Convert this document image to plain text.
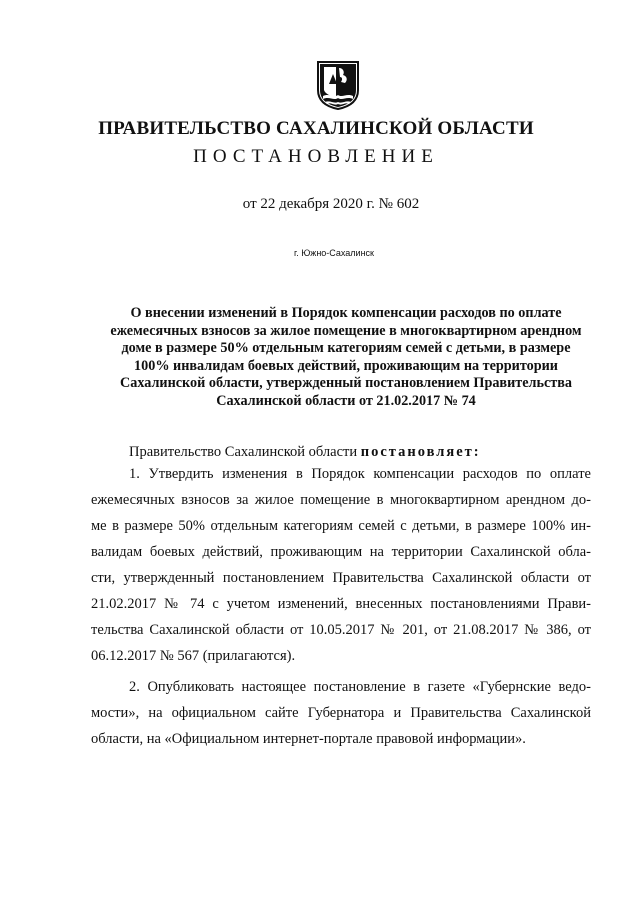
ПРАВИТЕЛЬСТВО САХАЛИНСКОЙ ОБЛАСТИ
ПОСТАНОВЛЕНИЕ
от 22 декабря 2020 г. № 602
г. Южно-Сахалинск
О внесении изменений в Порядок компенсации расходов по оплате
ежемесячных взносов за жилое помещение в многоквартирном арендном
доме в размере 50% отдельным категориям семей с детьми, в размере
100% инвалидам боевых действий, проживающим на территории
Сахалинской области, утвержденный постановлением Правительства
Сахалинской области от 21.02.2017 № 74
Правительство Сахалинской области постановляет:
1. Утвердить изменения в Порядок компенсации расходов по оплате
ежемесячных взносов за жилое помещение в многоквартирном арендном до-
ме в размере 50% отдельным категориям семей с детьми, в размере 100% ин-
валидам боевых действий, проживающим на территории Сахалинской обла-
сти, утвержденный постановлением Правительства Сахалинской области от
21.02.2017 № 74 с учетом изменений, внесенных постановлениями Прави-
тельства Сахалинской области от 10.05.2017 № 201, от 21.08.2017 № 386, от
06.12.2017 № 567 (прилагаются).
2. Опубликовать настоящее постановление в газете «Губернские ведо-
мости», на официальном сайте Губернатора и Правительства Сахалинской
области, на «Официальном интернет-портале правовой информации».
